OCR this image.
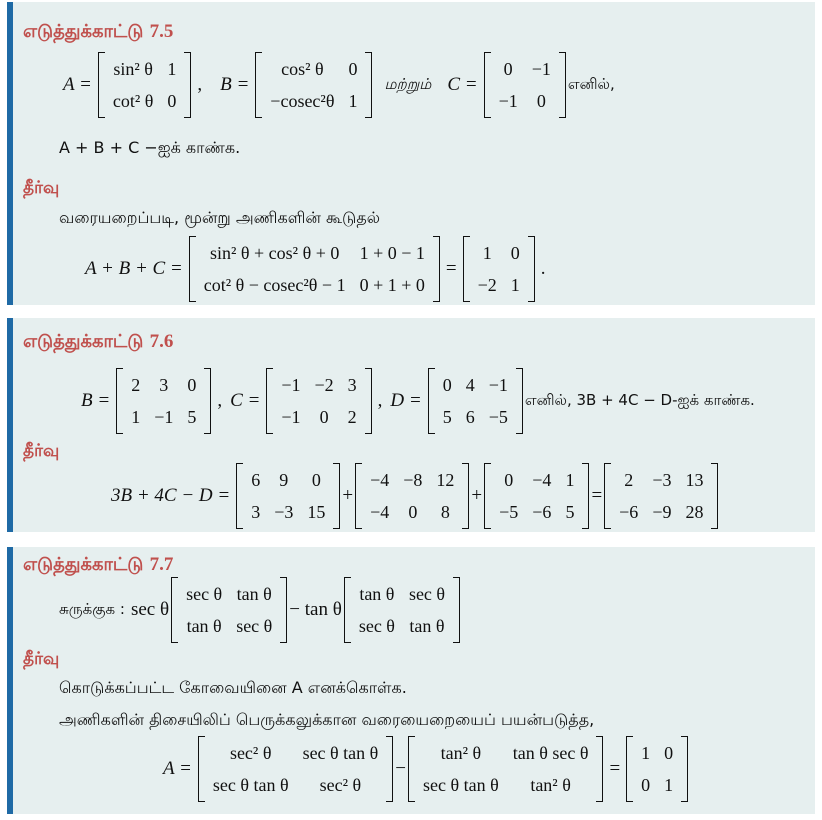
எடுத்துக்காட்டு 7.5
A =
sin² θ	1
cot² θ	0
, B =
cos² θ	0
−cosec²θ	1
மற்றும் C =
0	−1
−1	0
எனில்,
A + B + C −ஐக் காண்க.
தீர்வு
வரையறைப்படி, மூன்று அணிகளின் கூடுதல்
A + B + C =
sin² θ + cos² θ + 0	1 + 0 − 1
cot² θ − cosec²θ − 1	0 + 1 + 0
=
1	0
−2	1
.
எடுத்துக்காட்டு 7.6
B =
2	3	0
1	−1	5
, C =
−1	−2	3
−1	0	2
, D =
0	4	−1
5	6	−5
எனில், 3B + 4C − D-ஐக் காண்க.
தீர்வு
3B + 4C − D =
6	9	0
3	−3	15
+
−4	−8	12
−4	0	8
+
0	−4	1
−5	−6	5
=
2	−3	13
−6	−9	28
எடுத்துக்காட்டு 7.7
சுருக்குக : sec θ
sec θ	tan θ
tan θ	sec θ
− tan θ
tan θ	sec θ
sec θ	tan θ
தீர்வு
கொடுக்கப்பட்ட கோவையினை A எனக்கொள்க.
அணிகளின் திசையிலிப் பெருக்கலுக்கான வரையைறையைப் பயன்படுத்த,
A =
sec² θ	sec θ tan θ
sec θ tan θ	sec² θ
−
tan² θ	tan θ sec θ
sec θ tan θ	tan² θ
=
1	0
0	1
